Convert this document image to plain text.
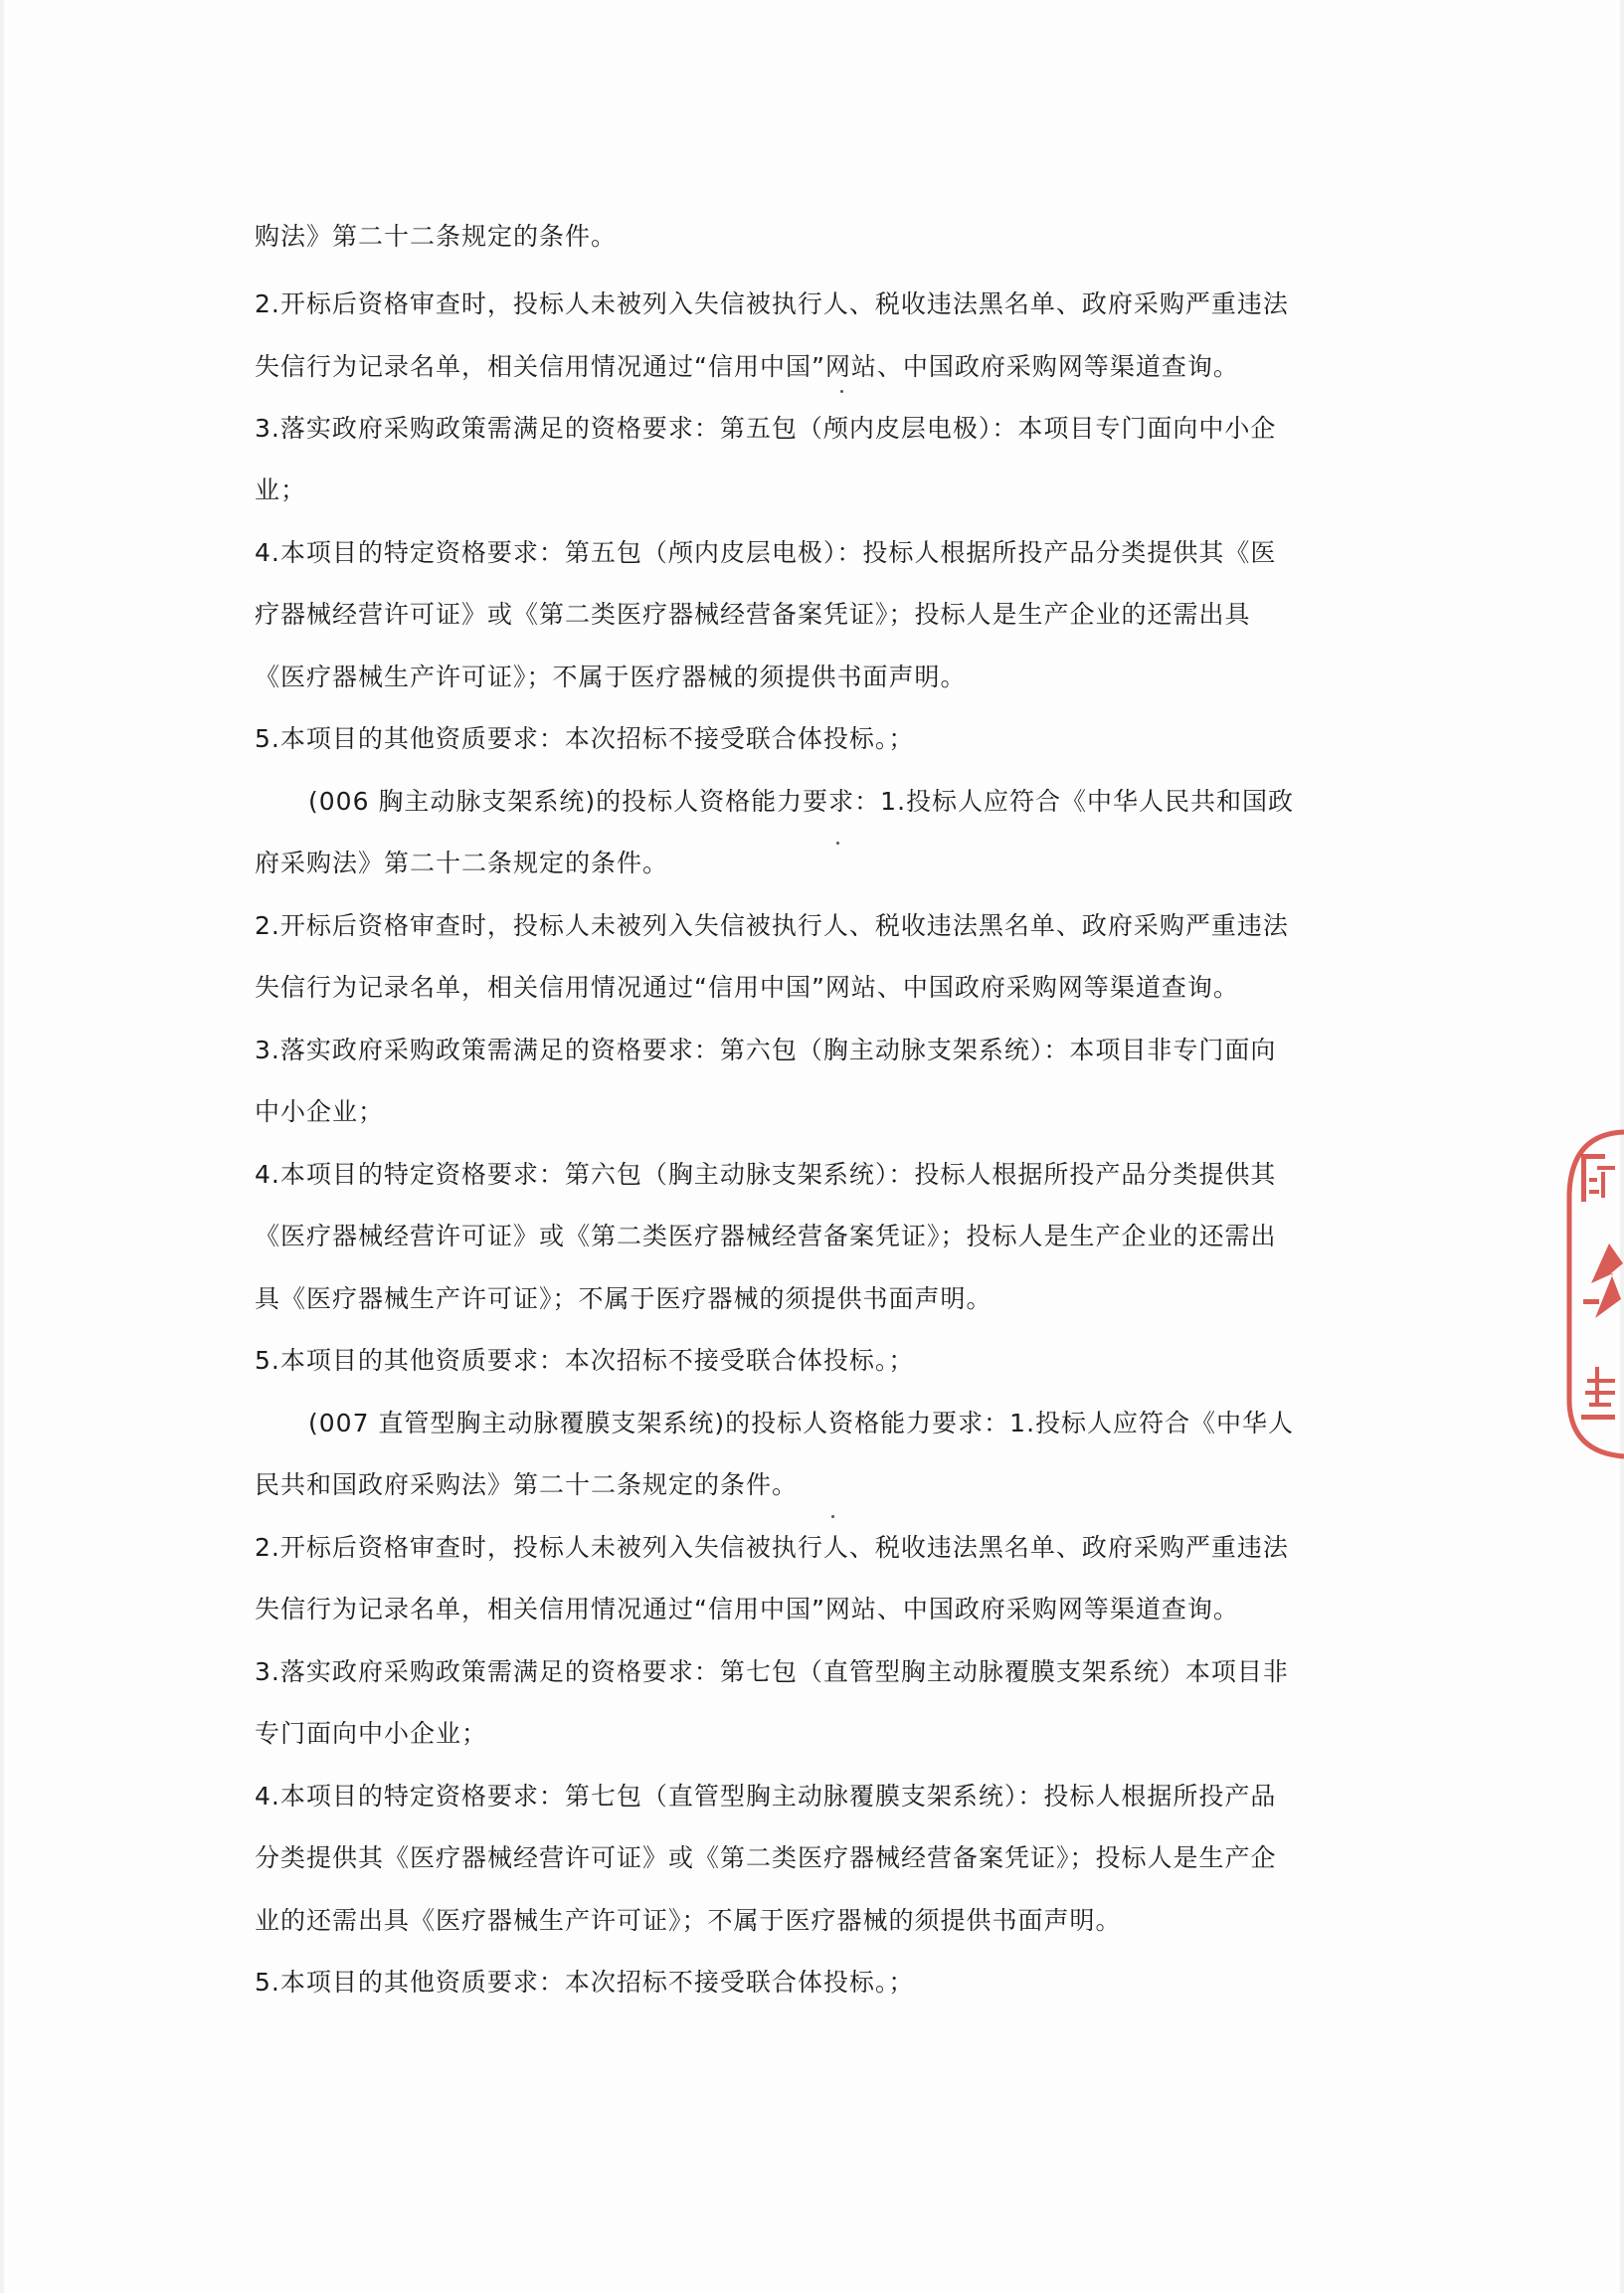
购法》第二十二条规定的条件。
2.开标后资格审查时，投标人未被列入失信被执行人、税收违法黑名单、政府采购严重违法
失信行为记录名单，相关信用情况通过“信用中国”网站、中国政府采购网等渠道查询。
3.落实政府采购政策需满足的资格要求：第五包（颅内皮层电极）：本项目专门面向中小企
业；
4.本项目的特定资格要求：第五包（颅内皮层电极）：投标人根据所投产品分类提供其《医
疗器械经营许可证》或《第二类医疗器械经营备案凭证》；投标人是生产企业的还需出具
《医疗器械生产许可证》；不属于医疗器械的须提供书面声明。
5.本项目的其他资质要求：本次招标不接受联合体投标。；
(006 胸主动脉支架系统)的投标人资格能力要求：1.投标人应符合《中华人民共和国政
府采购法》第二十二条规定的条件。
2.开标后资格审查时，投标人未被列入失信被执行人、税收违法黑名单、政府采购严重违法
失信行为记录名单，相关信用情况通过“信用中国”网站、中国政府采购网等渠道查询。
3.落实政府采购政策需满足的资格要求：第六包（胸主动脉支架系统）：本项目非专门面向
中小企业；
4.本项目的特定资格要求：第六包（胸主动脉支架系统）：投标人根据所投产品分类提供其
《医疗器械经营许可证》或《第二类医疗器械经营备案凭证》；投标人是生产企业的还需出
具《医疗器械生产许可证》；不属于医疗器械的须提供书面声明。
5.本项目的其他资质要求：本次招标不接受联合体投标。；
(007 直管型胸主动脉覆膜支架系统)的投标人资格能力要求：1.投标人应符合《中华人
民共和国政府采购法》第二十二条规定的条件。
2.开标后资格审查时，投标人未被列入失信被执行人、税收违法黑名单、政府采购严重违法
失信行为记录名单，相关信用情况通过“信用中国”网站、中国政府采购网等渠道查询。
3.落实政府采购政策需满足的资格要求：第七包（直管型胸主动脉覆膜支架系统）本项目非
专门面向中小企业；
4.本项目的特定资格要求：第七包（直管型胸主动脉覆膜支架系统）：投标人根据所投产品
分类提供其《医疗器械经营许可证》或《第二类医疗器械经营备案凭证》；投标人是生产企
业的还需出具《医疗器械生产许可证》；不属于医疗器械的须提供书面声明。
5.本项目的其他资质要求：本次招标不接受联合体投标。；
